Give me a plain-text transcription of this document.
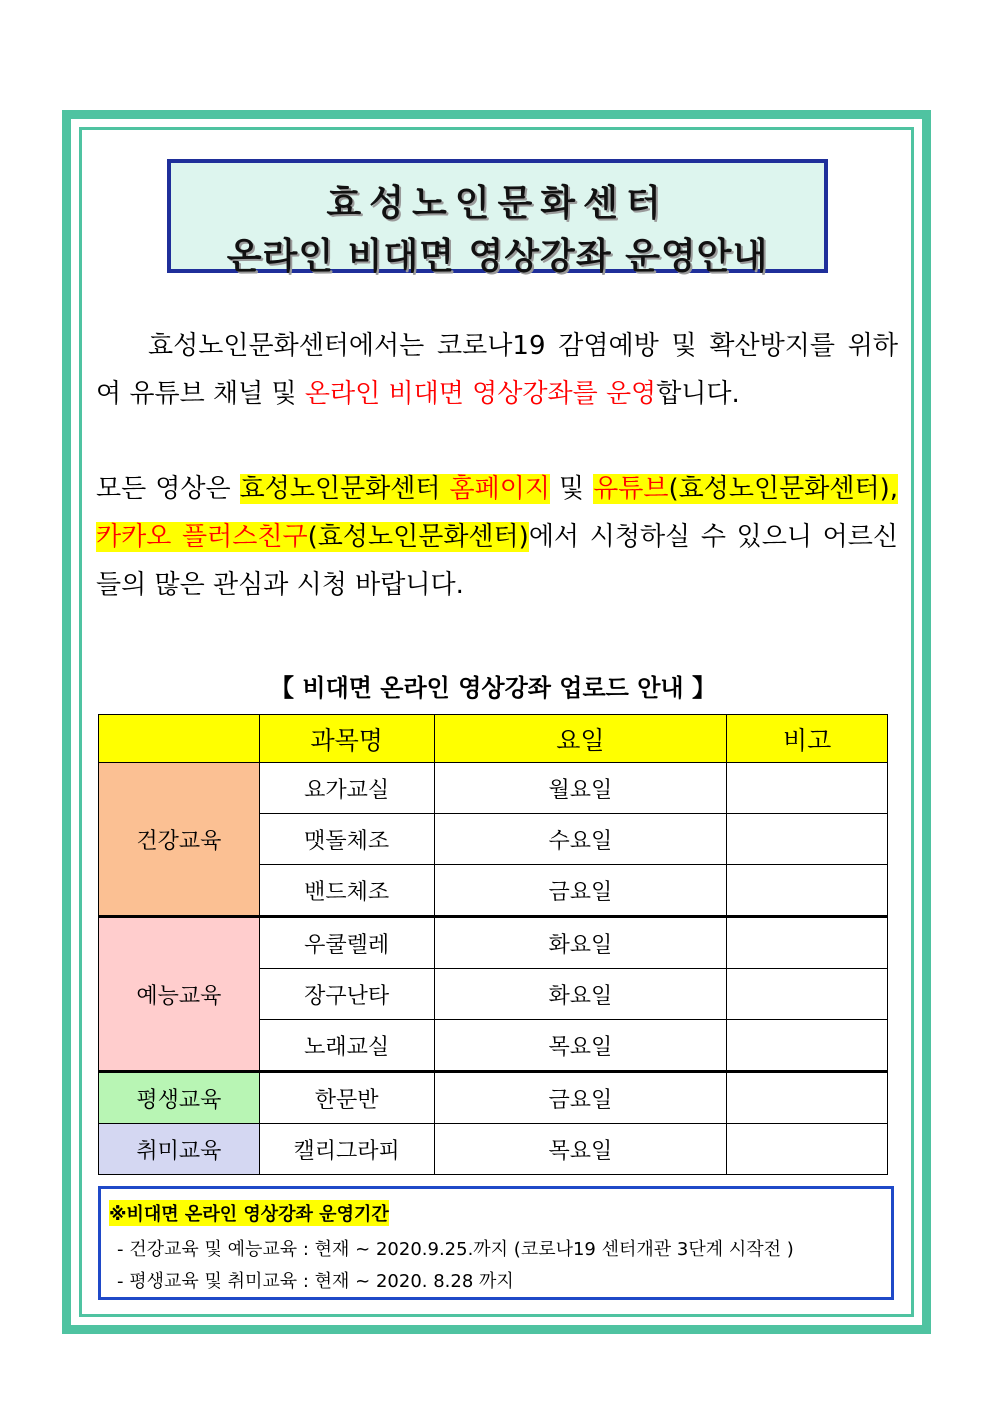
효성노인문화센터
온라인 비대면 영상강좌 운영안내
효성노인문화센터에서는 코로나19 감염예방 및 확산방지를 위하여 유튜브 채널 및 온라인 비대면 영상강좌를 운영합니다.
모든 영상은 효성노인문화센터 홈페이지 및 유튜브(효성노인문화센터), 카카오 플러스친구(효성노인문화센터)에서 시청하실 수 있으니 어르신들의 많은 관심과 시청 바랍니다.
【 비대면 온라인 영상강좌 업로드 안내 】
	과목명	요일	비고
건강교육	요가교실	월요일	
	맷돌체조	수요일	
	밴드체조	금요일	
예능교육	우쿨렐레	화요일	
	장구난타	화요일	
	노래교실	목요일	
평생교육	한문반	금요일	
취미교육	캘리그라피	목요일	
※비대면 온라인 영상강좌 운영기간
- 건강교육 및 예능교육 : 현재 ~ 2020.9.25.까지 (코로나19 센터개관 3단계 시작전 )
- 평생교육 및 취미교육 : 현재 ~ 2020. 8.28 까지
